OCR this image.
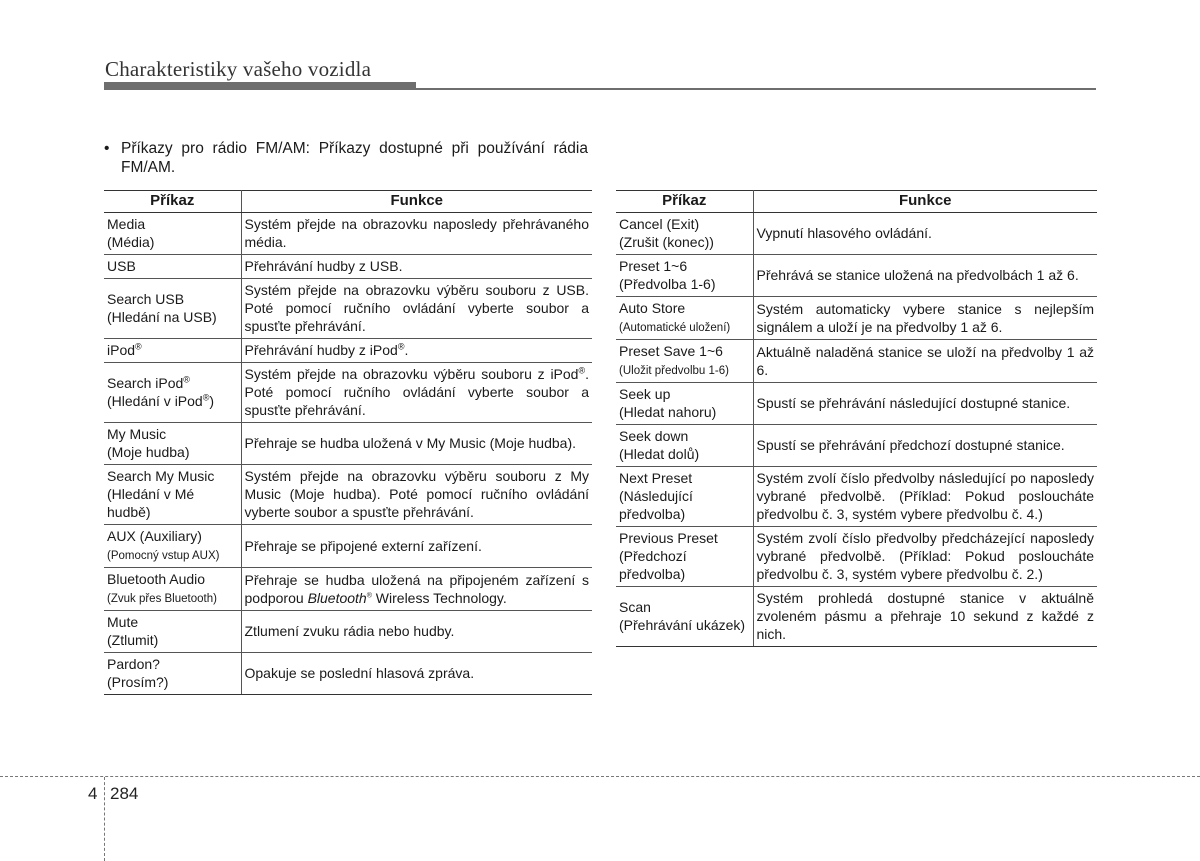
Charakteristiky vašeho vozidla
• Příkazy pro rádio FM/AM: Příkazy dostupné při používání rádia FM/AM.
Příkaz	Funkce
Media
(Média)	Systém přejde na obrazovku naposledy přehrávaného média.
USB	Přehrávání hudby z USB.
Search USB
(Hledání na USB)	Systém přejde na obrazovku výběru souboru z USB. Poté pomocí ručního ovládání vyberte soubor a spusťte přehrávání.
iPod®	Přehrávání hudby z iPod®.
Search iPod®
(Hledání v iPod®)	Systém přejde na obrazovku výběru souboru z iPod®. Poté pomocí ručního ovládání vyberte soubor a spusťte přehrávání.
My Music
(Moje hudba)	Přehraje se hudba uložená v My Music (Moje hudba).
Search My Music
(Hledání v Mé hudbě)	Systém přejde na obrazovku výběru souboru z My Music (Moje hudba). Poté pomocí ručního ovládání vyberte soubor a spusťte přehrávání.
AUX (Auxiliary)
(Pomocný vstup AUX)	Přehraje se připojené externí zařízení.
Bluetooth Audio
(Zvuk přes Bluetooth)	Přehraje se hudba uložená na připojeném zařízení s podporou Bluetooth® Wireless Technology.
Mute
(Ztlumit)	Ztlumení zvuku rádia nebo hudby.
Pardon?
(Prosím?)	Opakuje se poslední hlasová zpráva.
Příkaz	Funkce
Cancel (Exit)
(Zrušit (konec))	Vypnutí hlasového ovládání.
Preset 1~6
(Předvolba 1-6)	Přehrává se stanice uložená na předvolbách 1 až 6.
Auto Store
(Automatické uložení)	Systém automaticky vybere stanice s nejlepším signálem a uloží je na předvolby 1 až 6.
Preset Save 1~6
(Uložit předvolbu 1-6)	Aktuálně naladěná stanice se uloží na předvolby 1 až 6.
Seek up
(Hledat nahoru)	Spustí se přehrávání následující dostupné stanice.
Seek down
(Hledat dolů)	Spustí se přehrávání předchozí dostupné stanice.
Next Preset
(Následující předvolba)	Systém zvolí číslo předvolby následující po naposledy vybrané předvolbě. (Příklad: Pokud posloucháte předvolbu č. 3, systém vybere předvolbu č. 4.)
Previous Preset
(Předchozí předvolba)	Systém zvolí číslo předvolby předcházející naposledy vybrané předvolbě. (Příklad: Pokud posloucháte předvolbu č. 3, systém vybere předvolbu č. 2.)
Scan
(Přehrávání ukázek)	Systém prohledá dostupné stanice v aktuálně zvoleném pásmu a přehraje 10 sekund z každé z nich.
4 284
